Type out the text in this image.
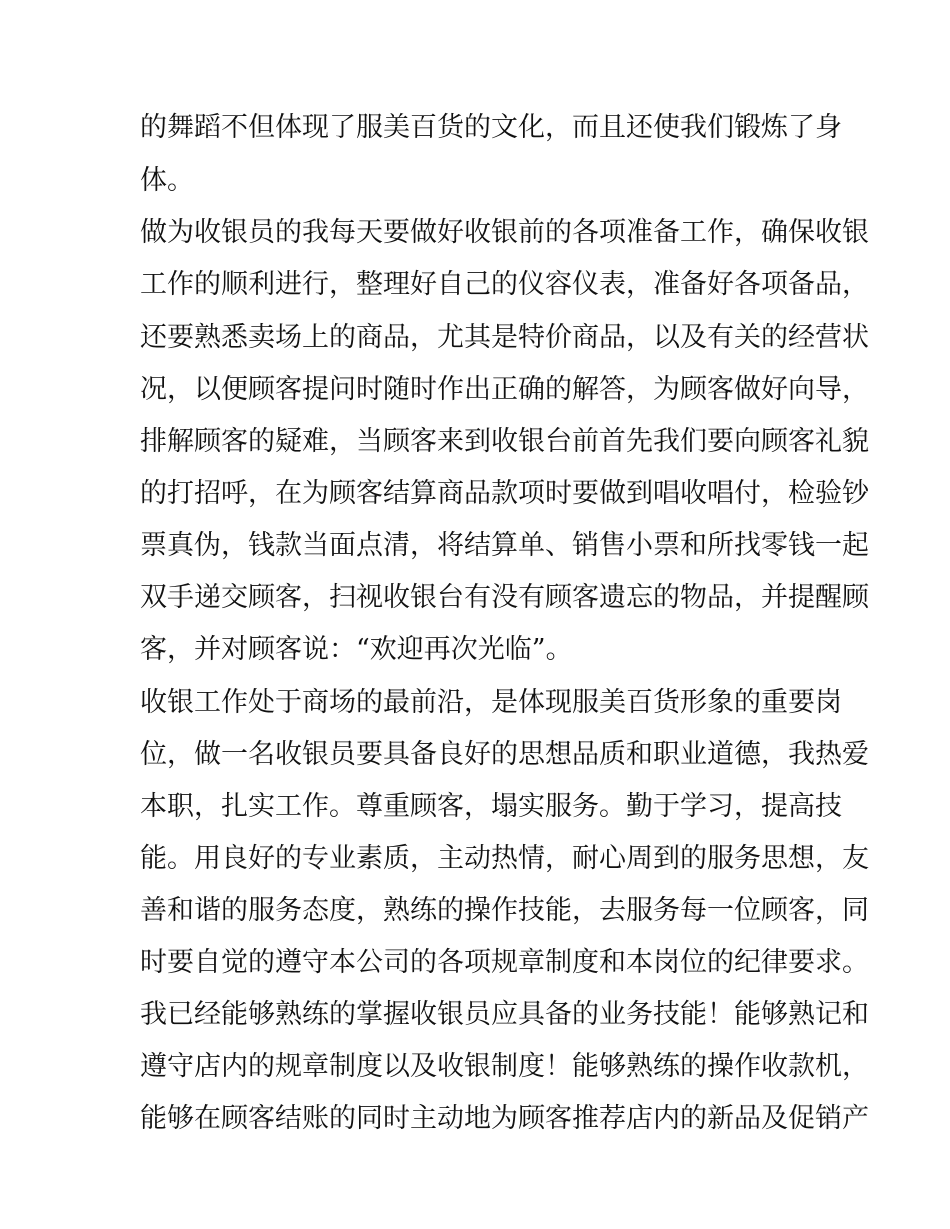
的舞蹈不但体现了服美百货的文化，而且还使我们锻炼了身
体。
做为收银员的我每天要做好收银前的各项准备工作，确保收银
工作的顺利进行，整理好自己的仪容仪表，准备好各项备品，
还要熟悉卖场上的商品，尤其是特价商品，以及有关的经营状
况，以便顾客提问时随时作出正确的解答，为顾客做好向导，
排解顾客的疑难，当顾客来到收银台前首先我们要向顾客礼貌
的打招呼，在为顾客结算商品款项时要做到唱收唱付，检验钞
票真伪，钱款当面点清，将结算单、销售小票和所找零钱一起
双手递交顾客，扫视收银台有没有顾客遗忘的物品，并提醒顾
客，并对顾客说：“欢迎再次光临”。
收银工作处于商场的最前沿，是体现服美百货形象的重要岗
位，做一名收银员要具备良好的思想品质和职业道德，我热爱
本职，扎实工作。尊重顾客，塌实服务。勤于学习，提高技
能。用良好的专业素质，主动热情，耐心周到的服务思想，友
善和谐的服务态度，熟练的操作技能，去服务每一位顾客，同
时要自觉的遵守本公司的各项规章制度和本岗位的纪律要求。
我已经能够熟练的掌握收银员应具备的业务技能！能够熟记和
遵守店内的规章制度以及收银制度！能够熟练的操作收款机，
能够在顾客结账的同时主动地为顾客推荐店内的新品及促销产
